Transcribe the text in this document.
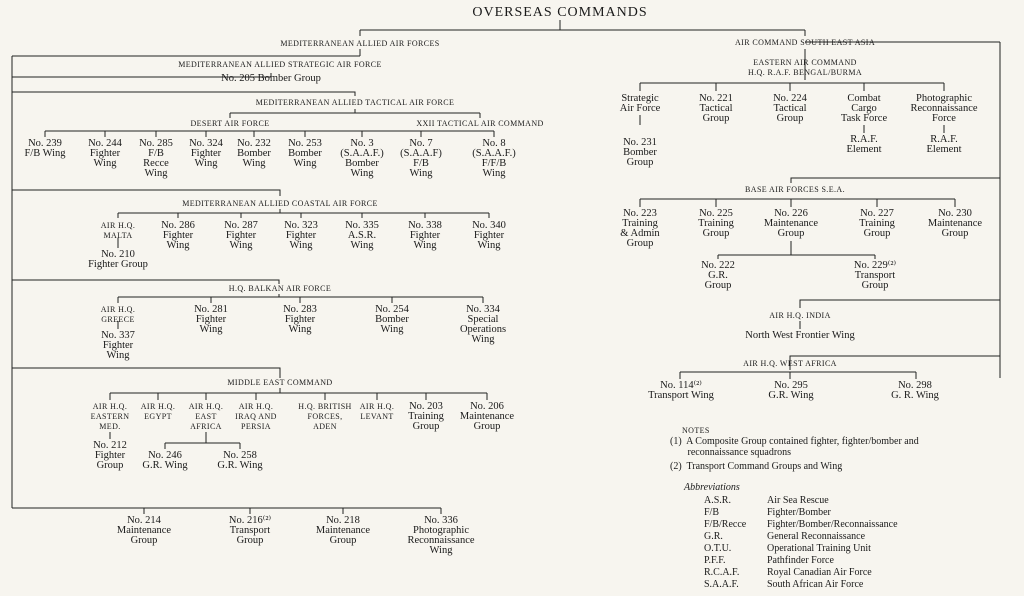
OVERSEAS COMMANDS
MEDITERRANEAN ALLIED AIR FORCES
MEDITERRANEAN ALLIED STRATEGIC AIR FORCE
No. 205 Bomber Group
MEDITERRANEAN ALLIED TACTICAL AIR FORCE
DESERT AIR FORCE	XXII TACTICAL AIR COMMAND
No. 239
F/B Wing
No. 244
Fighter
Wing
No. 285
F/B
Recce
Wing
No. 324
Fighter
Wing
No. 232
Bomber
Wing
No. 253
Bomber
Wing
No. 3
(S.A.A.F.)
Bomber
Wing
No. 7
(S.A.A.F)
F/B
Wing
No. 8
(S.A.A.F.)
F/F/B
Wing
MEDITERRANEAN ALLIED COASTAL AIR FORCE
AIR H.Q.
MALTA
No. 210
Fighter Group
No. 286
Fighter
Wing
No. 287
Fighter
Wing
No. 323
Fighter
Wing
No. 335
A.S.R.
Wing
No. 338
Fighter
Wing
No. 340
Fighter
Wing
H.Q. BALKAN AIR FORCE
AIR H.Q.
GREECE
No. 337
Fighter
Wing
No. 281
Fighter
Wing
No. 283
Fighter
Wing
No. 254
Bomber
Wing
No. 334
Special
Operations
Wing
MIDDLE EAST COMMAND
AIR H.Q.
EASTERN
MED.
AIR H.Q.
EGYPT
AIR H.Q.
EAST
AFRICA
AIR H.Q.
IRAQ AND
PERSIA
H.Q. BRITISH
FORCES,
ADEN
AIR H.Q.
LEVANT
No. 203
Training
Group
No. 206
Maintenance
Group
No. 212
Fighter
Group
No. 246
G.R. Wing
No. 258
G.R. Wing
No. 214
Maintenance
Group
No. 216⁽²⁾
Transport
Group
No. 218
Maintenance
Group
No. 336
Photographic
Reconnaissance
Wing
AIR COMMAND SOUTH EAST ASIA
EASTERN AIR COMMAND
H.Q. R.A.F. BENGAL/BURMA
Strategic
Air Force
No. 221
Tactical
Group
No. 224
Tactical
Group
Combat
Cargo
Task Force
Photographic
Reconnaissance
Force
No. 231
Bomber
Group
R.A.F.
Element
R.A.F.
Element
BASE AIR FORCES S.E.A.
No. 223
Training
& Admin
Group
No. 225
Training
Group
No. 226
Maintenance
Group
No. 227
Training
Group
No. 230
Maintenance
Group
No. 222
G.R.
Group
No. 229⁽²⁾
Transport
Group
AIR H.Q. INDIA
North West Frontier Wing
AIR H.Q. WEST AFRICA
No. 114⁽²⁾
Transport Wing
No. 295
G.R. Wing
No. 298
G. R. Wing
NOTES
(1)  A Composite Group contained fighter, fighter/bomber and
reconnaissance squadrons
(2)  Transport Command Groups and Wing
Abbreviations
A.S.R.
F/B
F/B/Recce
G.R.
O.T.U.
P.F.F.
R.C.A.F.
S.A.A.F.
Air Sea Rescue
Fighter/Bomber
Fighter/Bomber/Reconnaissance
General Reconnaissance
Operational Training Unit
Pathfinder Force
Royal Canadian Air Force
South African Air Force
